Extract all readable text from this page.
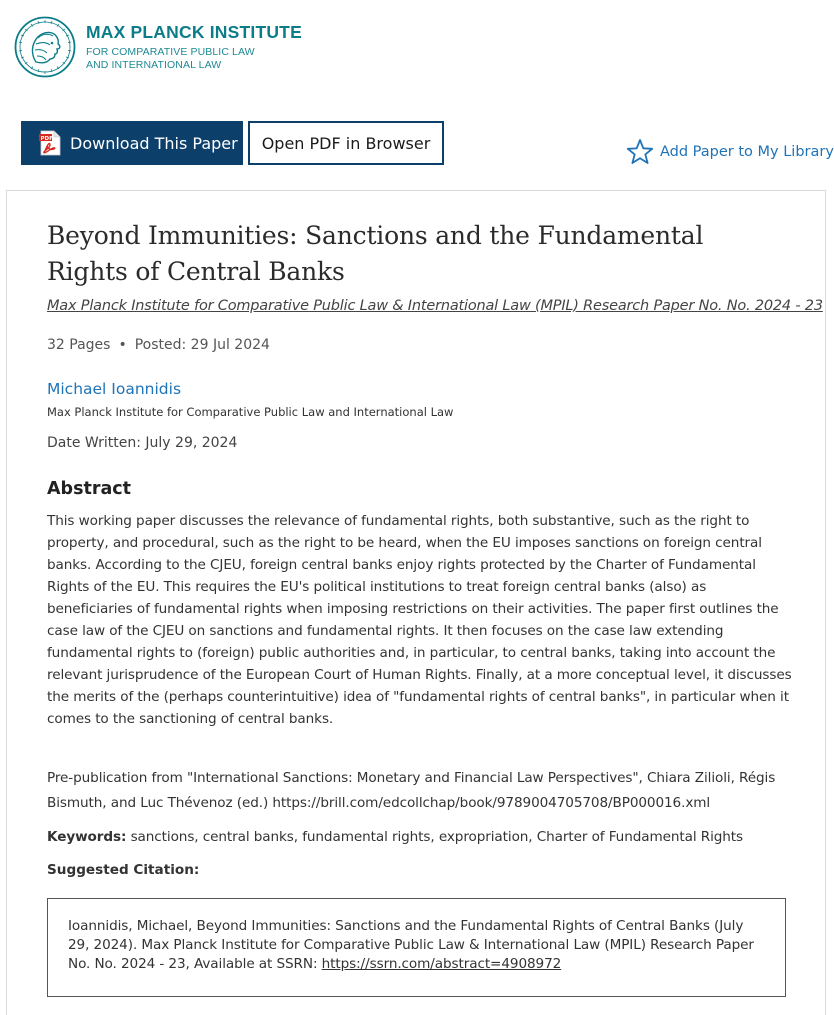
MAX PLANCK INSTITUTE
FOR COMPARATIVE PUBLIC LAW
AND INTERNATIONAL LAW
PDF Download This Paper	Open PDF in Browser	Add Paper to My Library
Beyond Immunities: Sanctions and the Fundamental
Rights of Central Banks
Max Planck Institute for Comparative Public Law & International Law (MPIL) Research Paper No. No. 2024 - 23
32 Pages • Posted: 29 Jul 2024
Michael Ioannidis
Max Planck Institute for Comparative Public Law and International Law
Date Written: July 29, 2024
Abstract

This working paper discusses the relevance of fundamental rights, both substantive, such as the right to property, and procedural, such as the right to be heard, when the EU imposes sanctions on foreign central banks. According to the CJEU, foreign central banks enjoy rights protected by the Charter of Fundamental Rights of the EU. This requires the EU's political institutions to treat foreign central banks (also) as beneficiaries of fundamental rights when imposing restrictions on their activities. The paper first outlines the case law of the CJEU on sanctions and fundamental rights. It then focuses on the case law extending fundamental rights to (foreign) public authorities and, in particular, to central banks, taking into account the relevant jurisprudence of the European Court of Human Rights. Finally, at a more conceptual level, it discusses the merits of the (perhaps counterintuitive) idea of "fundamental rights of central banks", in particular when it comes to the sanctioning of central banks.

Pre-publication from "International Sanctions: Monetary and Financial Law Perspectives", Chiara Zilioli, Régis Bismuth, and Luc Thévenoz (ed.) https://brill.com/edcollchap/book/9789004705708/BP000016.xml

Keywords: sanctions, central banks, fundamental rights, expropriation, Charter of Fundamental Rights
Suggested Citation:
Ioannidis, Michael, Beyond Immunities: Sanctions and the Fundamental Rights of Central Banks (July 29, 2024). Max Planck Institute for Comparative Public Law & International Law (MPIL) Research Paper No. No. 2024 - 23, Available at SSRN: https://ssrn.com/abstract=4908972
